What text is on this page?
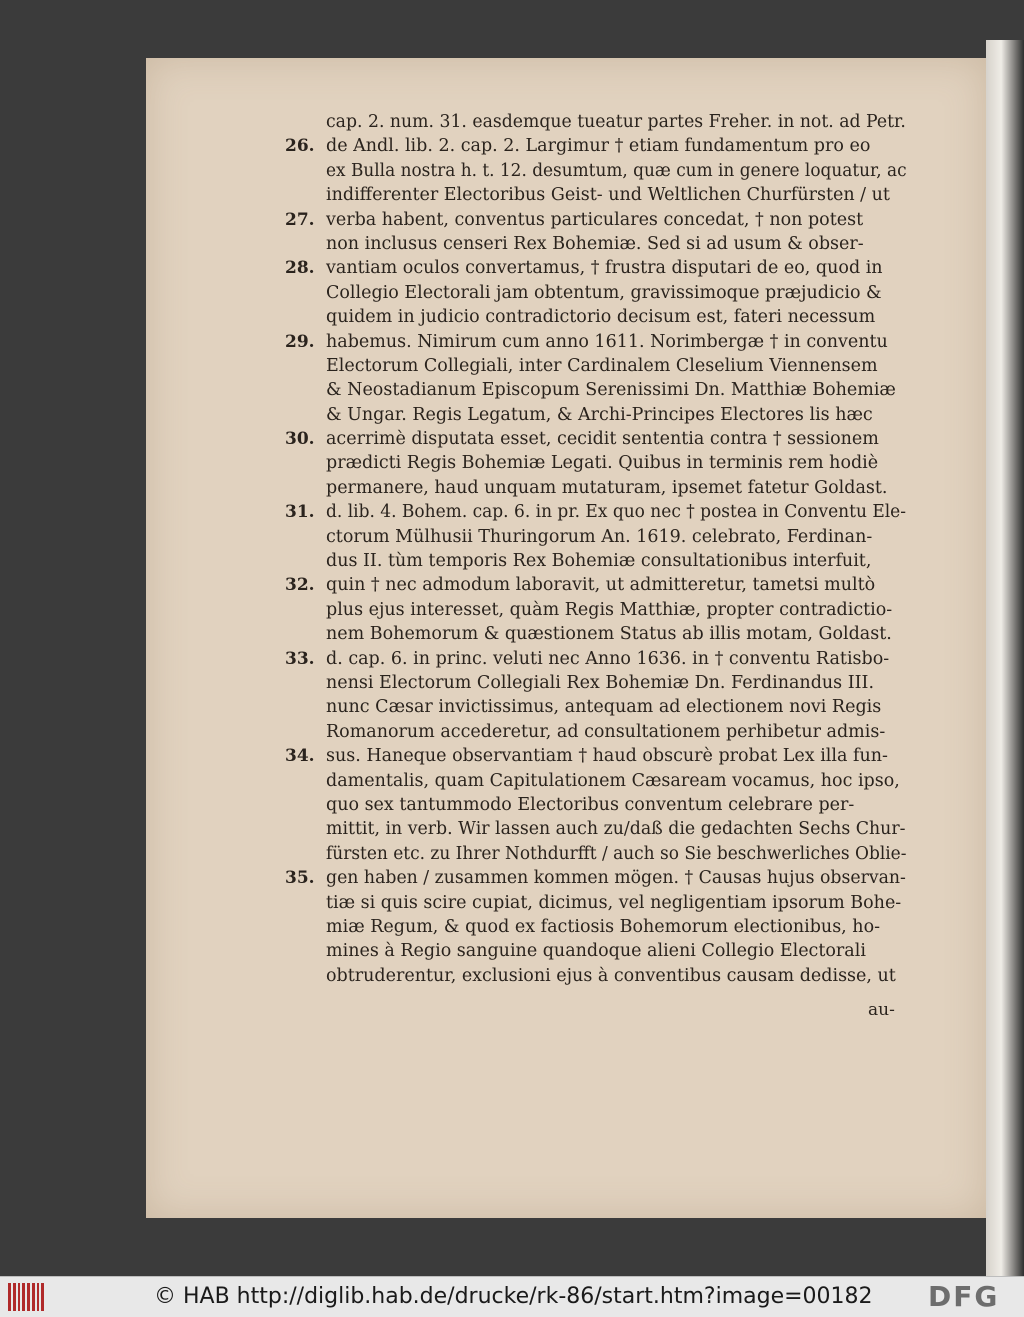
cap. 2. num. 31. easdemque tueatur partes Freher. in not. ad Petr.
26. de Andl. lib. 2. cap. 2. Largimur † etiam fundamentum pro eo
ex Bulla nostra h. t. 12. desumtum, quæ cum in genere loquatur, ac
indifferenter Electoribus Geist- und Weltlichen Churfürsten / ut
27. verba habent, conventus particulares concedat, † non potest
non inclusus censeri Rex Bohemiæ. Sed si ad usum & obser-
28. vantiam oculos convertamus, † frustra disputari de eo, quod in
Collegio Electorali jam obtentum, gravissimoque præjudicio &
quidem in judicio contradictorio decisum est, fateri necessum
29. habemus. Nimirum cum anno 1611. Norimbergæ † in conventu
Electorum Collegiali, inter Cardinalem Cleselium Viennensem
& Neostadianum Episcopum Serenissimi Dn. Matthiæ Bohemiæ
& Ungar. Regis Legatum, & Archi-Principes Electores lis hæc
30. acerrimè disputata esset, cecidit sententia contra † sessionem
prædicti Regis Bohemiæ Legati. Quibus in terminis rem hodiè
permanere, haud unquam mutaturam, ipsemet fatetur Goldast.
31. d. lib. 4. Bohem. cap. 6. in pr. Ex quo nec † postea in Conventu Ele-
ctorum Mülhusii Thuringorum An. 1619. celebrato, Ferdinan-
dus II. tùm temporis Rex Bohemiæ consultationibus interfuit,
32. quin † nec admodum laboravit, ut admitteretur, tametsi multò
plus ejus interesset, quàm Regis Matthiæ, propter contradictio-
nem Bohemorum & quæstionem Status ab illis motam, Goldast.
33. d. cap. 6. in princ. veluti nec Anno 1636. in † conventu Ratisbo-
nensi Electorum Collegiali Rex Bohemiæ Dn. Ferdinandus III.
nunc Cæsar invictissimus, antequam ad electionem novi Regis
Romanorum accederetur, ad consultationem perhibetur admis-
34. sus. Haneque observantiam † haud obscurè probat Lex illa fun-
damentalis, quam Capitulationem Cæsaream vocamus, hoc ipso,
quo sex tantummodo Electoribus conventum celebrare per-
mittit, in verb. Wir lassen auch zu/daß die gedachten Sechs Chur-
fürsten etc. zu Ihrer Nothdurfft / auch so Sie beschwerliches Oblie-
35. gen haben / zusammen kommen mögen. † Causas hujus observan-
tiæ si quis scire cupiat, dicimus, vel negligentiam ipsorum Bohe-
miæ Regum, & quod ex factiosis Bohemorum electionibus, ho-
mines à Regio sanguine quandoque alieni Collegio Electorali
obtruderentur, exclusioni ejus à conventibus causam dedisse, ut
au-
© HAB http://diglib.hab.de/drucke/rk-86/start.htm?image=00182 DFG
